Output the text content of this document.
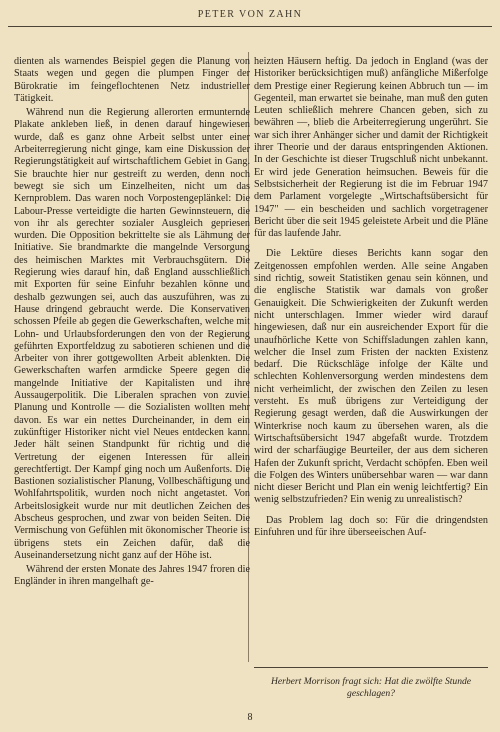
PETER VON ZAHN

dienten als warnendes Beispiel gegen die Planung von Staats wegen und gegen die plumpen Finger der Bürokratie im feingeflochtenen Netz industrieller Tätigkeit.

Während nun die Regierung allerorten ermunternde Plakate ankleben ließ, in denen darauf hingewiesen wurde, daß es ganz ohne Arbeit selbst unter einer Arbeiterregierung nicht ginge, kam eine Diskussion der Regierungstätigkeit auf wirtschaftlichem Gebiet in Gang. Sie brauchte hier nur gestreift zu werden, denn noch bewegt sie sich um Einzelheiten, nicht um das Kernproblem. Das waren noch Vorpostengeplänkel: Die Labour-Presse verteidigte die harten Gewinnsteuern, die von ihr als gerechter sozialer Ausgleich gepriesen wurden. Die Opposition bekrittelte sie als Lähmung der Initiative. Sie brandmarkte die mangelnde Versorgung des heimischen Marktes mit Verbrauchsgütern. Die Regierung wies darauf hin, daß England ausschließlich mit Exporten für seine Einfuhr bezahlen könne und deshalb gezwungen sei, auch das auszuführen, was zu Hause dringend gebraucht werde. Die Konservativen schossen Pfeile ab gegen die Gewerkschaften, welche mit Lohn- und Urlaubsforderungen den von der Regierung geführten Exportfeldzug zu sabotieren schienen und die Arbeiter von ihrer gottgewollten Arbeit ablenkten. Die Gewerkschaften warfen armdicke Speere gegen die mangelnde Initiative der Kapitalisten und ihre Aussaugerpolitik. Die Liberalen sprachen von zuviel Planung und Kontrolle — die Sozialisten wollten mehr davon. Es war ein nettes Durcheinander, in dem ein zukünftiger Historiker nicht viel Neues entdecken kann. Jeder hält seinen Standpunkt für richtig und die Vertretung der eigenen Interessen für allein gerechtfertigt. Der Kampf ging noch um Außenforts. Die Bastionen sozialistischer Planung, Vollbeschäftigung und Wohlfahrtspolitik, wurden noch nicht angetastet. Von Arbeitslosigkeit wurde nur mit deutlichen Zeichen des Abscheus gesprochen, und zwar von beiden Seiten. Die Vermischung von Gefühlen mit ökonomischer Theorie ist übrigens stets ein Zeichen dafür, daß die Auseinandersetzung nicht ganz auf der Höhe ist.

Während der ersten Monate des Jahres 1947 froren die Engländer in ihren mangelhaft ge-

heizten Häusern heftig. Da jedoch in England (was der Historiker berücksichtigen muß) anfängliche Mißerfolge dem Prestige einer Regierung keinen Abbruch tun — im Gegenteil, man erwartet sie beinahe, man muß den guten Leuten schließlich mehrere Chancen geben, sich zu bewähren —, blieb die Arbeiterregierung ungerührt. Sie war sich ihrer Anhänger sicher und damit der Richtigkeit ihrer Theorie und der daraus entspringenden Aktionen. In der Geschichte ist dieser Trugschluß nicht unbekannt. Er wird jede Generation heimsuchen. Beweis für die Selbstsicherheit der Regierung ist die im Februar 1947 dem Parlament vorgelegte „Wirtschaftsübersicht für 1947" — ein bescheiden und sachlich vorgetragener Bericht über die seit 1945 geleistete Arbeit und die Pläne für das laufende Jahr.

Die Lektüre dieses Berichts kann sogar den Zeitgenossen empfohlen werden. Alle seine Angaben sind richtig, soweit Statistiken genau sein können, und die englische Statistik war damals von großer Genauigkeit. Die Schwierigkeiten der Zukunft werden nicht unterschlagen. Immer wieder wird darauf hingewiesen, daß nur ein ausreichender Export für die unaufhörliche Kette von Schiffsladungen zahlen kann, welcher die Insel zum Fristen der nackten Existenz bedarf. Die Rückschläge infolge der Kälte und schlechten Kohlenversorgung werden mindestens dem nicht verheimlicht, der zwischen den Zeilen zu lesen versteht. Es muß übrigens zur Verteidigung der Regierung gesagt werden, daß die Auswirkungen der Winterkrise noch kaum zu übersehen waren, als die Wirtschaftsübersicht 1947 abgefaßt wurde. Trotzdem wird der scharfäugige Beurteiler, der aus dem sicheren Hafen der Zukunft spricht, Verdacht schöpfen. Eben weil die Folgen des Winters unübersehbar waren — war dann nicht dieser Bericht und Plan ein wenig leichtfertig? Ein wenig selbstzufrieden? Ein wenig zu unrealistisch?

Das Problem lag doch so: Für die dringendsten Einfuhren und für ihre überseeischen Auf-

Herbert Morrison fragt sich: Hat die zwölfte Stunde geschlagen?
8
